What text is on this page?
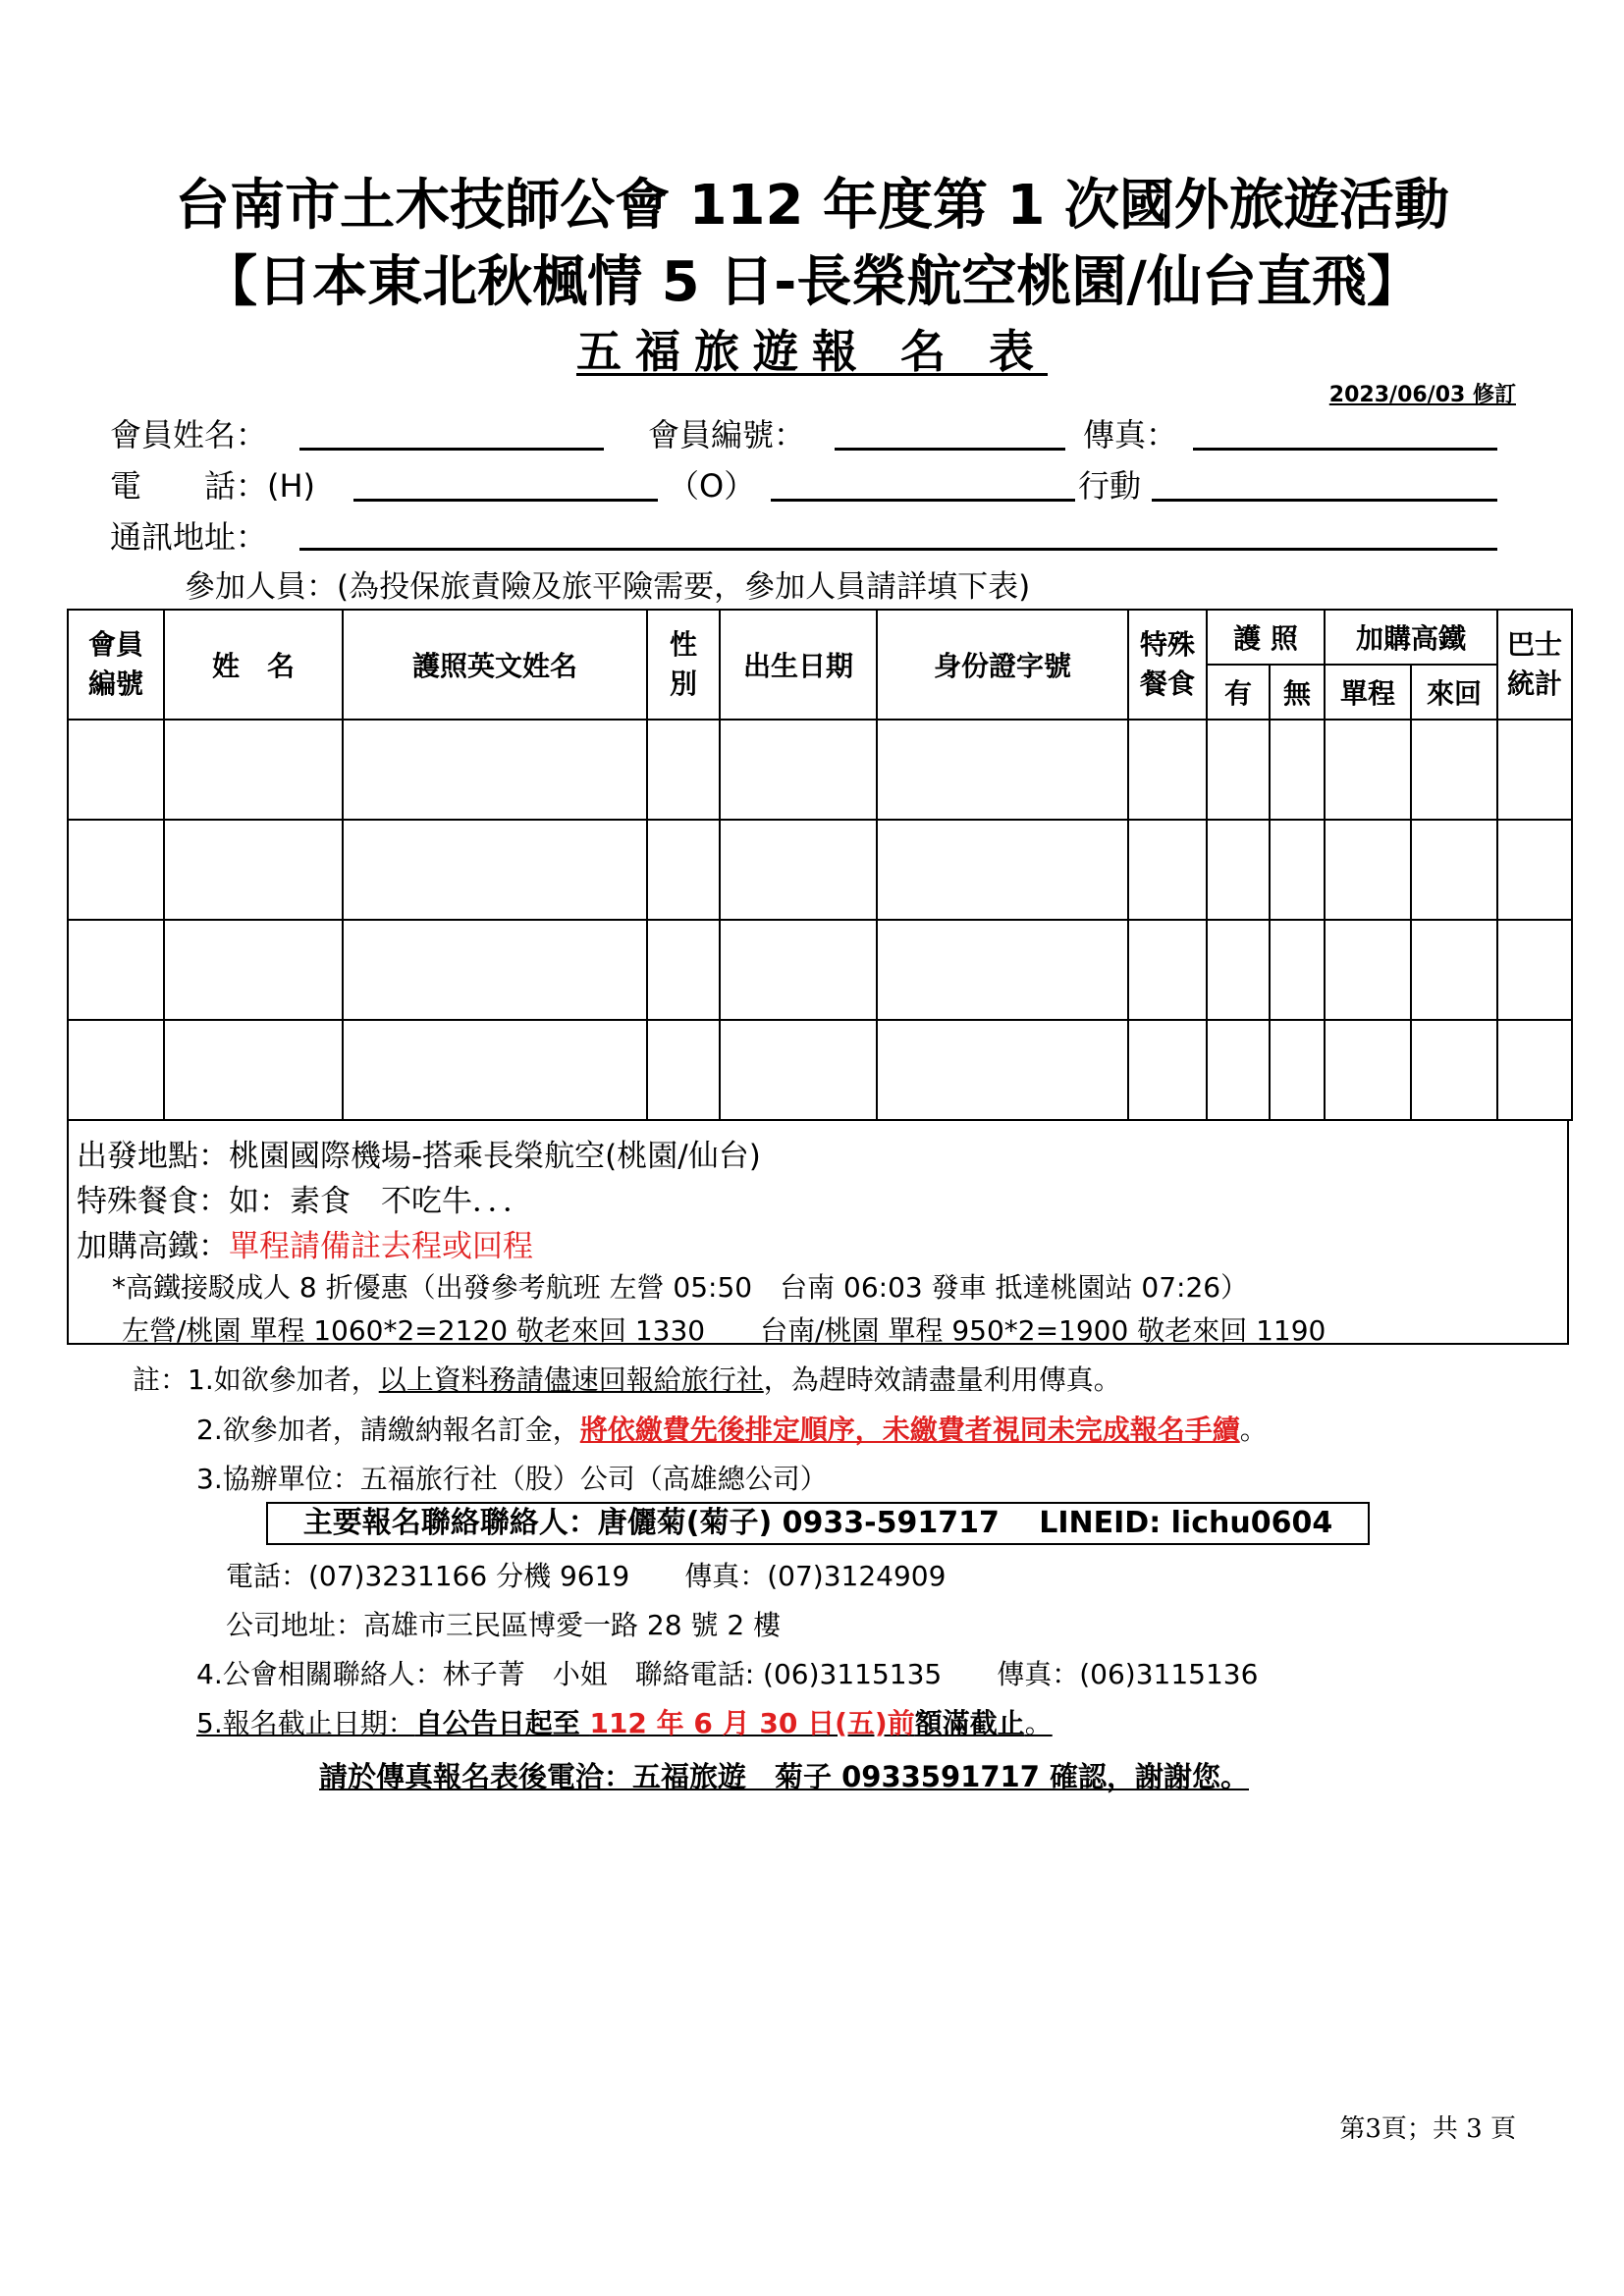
台南市土木技師公會 112 年度第 1 次國外旅遊活動
【日本東北秋楓情 5 日-長榮航空桃園/仙台直飛】
五福旅遊報 名 表
2023/06/03 修訂
會員姓名：	會員編號：	傳真：
電　　話：(H)	（O）	行動
通訊地址：
參加人員：(為投保旅責險及旅平險需要，參加人員請詳填下表)
會員編號	姓　名	護照英文姓名	性別	出生日期	身份證字號	特殊餐食	護 照		加購高鐵		巴士統計
							有	無	單程	來回	

出發地點：桃園國際機場-搭乘長榮航空(桃園/仙台)
特殊餐食：如：素食　不吃牛．．．
加購高鐵：單程請備註去程或回程
*高鐵接駁成人 8 折優惠（出發參考航班 左營 05:50　台南 06:03 發車 抵達桃園站 07:26）
左營/桃園 單程 1060*2=2120 敬老來回 1330　　台南/桃園 單程 950*2=1900 敬老來回 1190
註：1.如欲參加者，以上資料務請儘速回報給旅行社，為趕時效請盡量利用傳真。
2.欲參加者，請繳納報名訂金，將依繳費先後排定順序，未繳費者視同未完成報名手續。
3.協辦單位：五福旅行社（股）公司（高雄總公司）
主要報名聯絡聯絡人：唐儷菊(菊子) 0933-591717　 LINEID: lichu0604
電話：(07)3231166 分機 9619　　傳真：(07)3124909
公司地址：高雄市三民區博愛一路 28 號 2 樓
4.公會相關聯絡人：林子菁　小姐　聯絡電話: (06)3115135　　傳真：(06)3115136
5.報名截止日期：自公告日起至 112 年 6 月 30 日(五)前額滿截止。
請於傳真報名表後電洽：五福旅遊　菊子 0933591717 確認，謝謝您。
第3頁；共 3 頁
